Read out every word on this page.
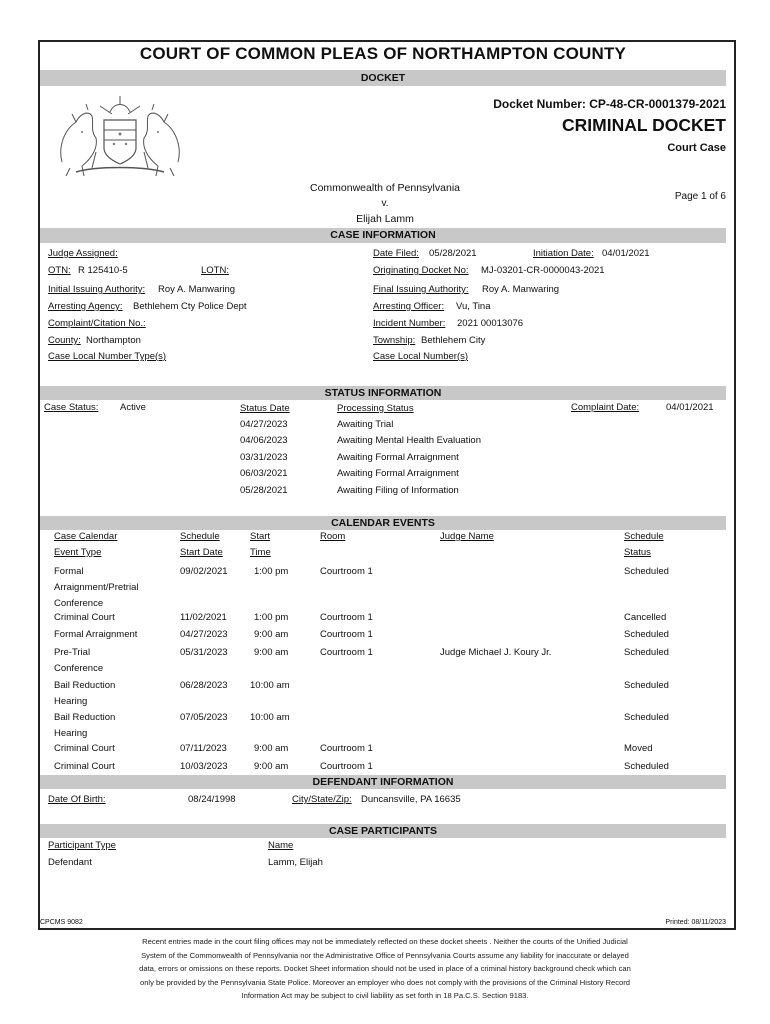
COURT OF COMMON PLEAS OF NORTHAMPTON COUNTY
DOCKET
Docket Number: CP-48-CR-0001379-2021
CRIMINAL DOCKET
Court Case
Commonwealth of Pennsylvania
v.
Elijah Lamm
Page 1 of 6
CASE INFORMATION
Judge Assigned:	Date Filed: 05/28/2021	Initiation Date: 04/01/2021
OTN: R 125410-5	LOTN:	Originating Docket No: MJ-03201-CR-0000043-2021
Initial Issuing Authority: Roy A. Manwaring	Final Issuing Authority: Roy A. Manwaring
Arresting Agency: Bethlehem Cty Police Dept	Arresting Officer: Vu, Tina
Complaint/Citation No.:	Incident Number: 2021 00013076
County: Northampton	Township: Bethlehem City
Case Local Number Type(s)	Case Local Number(s)
STATUS INFORMATION
Case Status: Active	Status Date	Processing Status	Complaint Date:	04/01/2021
04/27/2023	Awaiting Trial
04/06/2023	Awaiting Mental Health Evaluation
03/31/2023	Awaiting Formal Arraignment
06/03/2021	Awaiting Formal Arraignment
05/28/2021	Awaiting Filing of Information
CALENDAR EVENTS
Case Calendar
Event Type
Schedule
Start Date
Start
Time
Room	Judge Name	Schedule
Status
Formal Arraignment/Pretrial Conference
09/02/2021	1:00 pm	Courtroom 1	Scheduled
Criminal Court	11/02/2021	1:00 pm	Courtroom 1	Cancelled
Formal Arraignment	04/27/2023	9:00 am	Courtroom 1	Scheduled
Pre-Trial Conference
05/31/2023	9:00 am	Courtroom 1	Judge Michael J. Koury Jr.	Scheduled
Bail Reduction Hearing
06/28/2023 10:00 am	Scheduled
Bail Reduction Hearing
07/05/2023 10:00 am	Scheduled
Criminal Court	07/11/2023	9:00 am	Courtroom 1	Moved
Criminal Court	10/03/2023	9:00 am	Courtroom 1	Scheduled
DEFENDANT INFORMATION
Date Of Birth:	08/24/1998	City/State/Zip: Duncansville, PA 16635
CASE PARTICIPANTS
Participant Type	Name
Defendant	Lamm, Elijah
CPCMS 9082	Printed: 08/11/2023
Recent entries made in the court filing offices may not be immediately reflected on these docket sheets . Neither the courts of the Unified Judicial
System of the Commonwealth of Pennsylvania nor the Administrative Office of Pennsylvania Courts assume any liability for inaccurate or delayed
data, errors or omissions on these reports. Docket Sheet information should not be used in place of a criminal history background check which can
only be provided by the Pennsylvania State Police. Moreover an employer who does not comply with the provisions of the Criminal History Record
Information Act may be subject to civil liability as set forth in 18 Pa.C.S. Section 9183.
